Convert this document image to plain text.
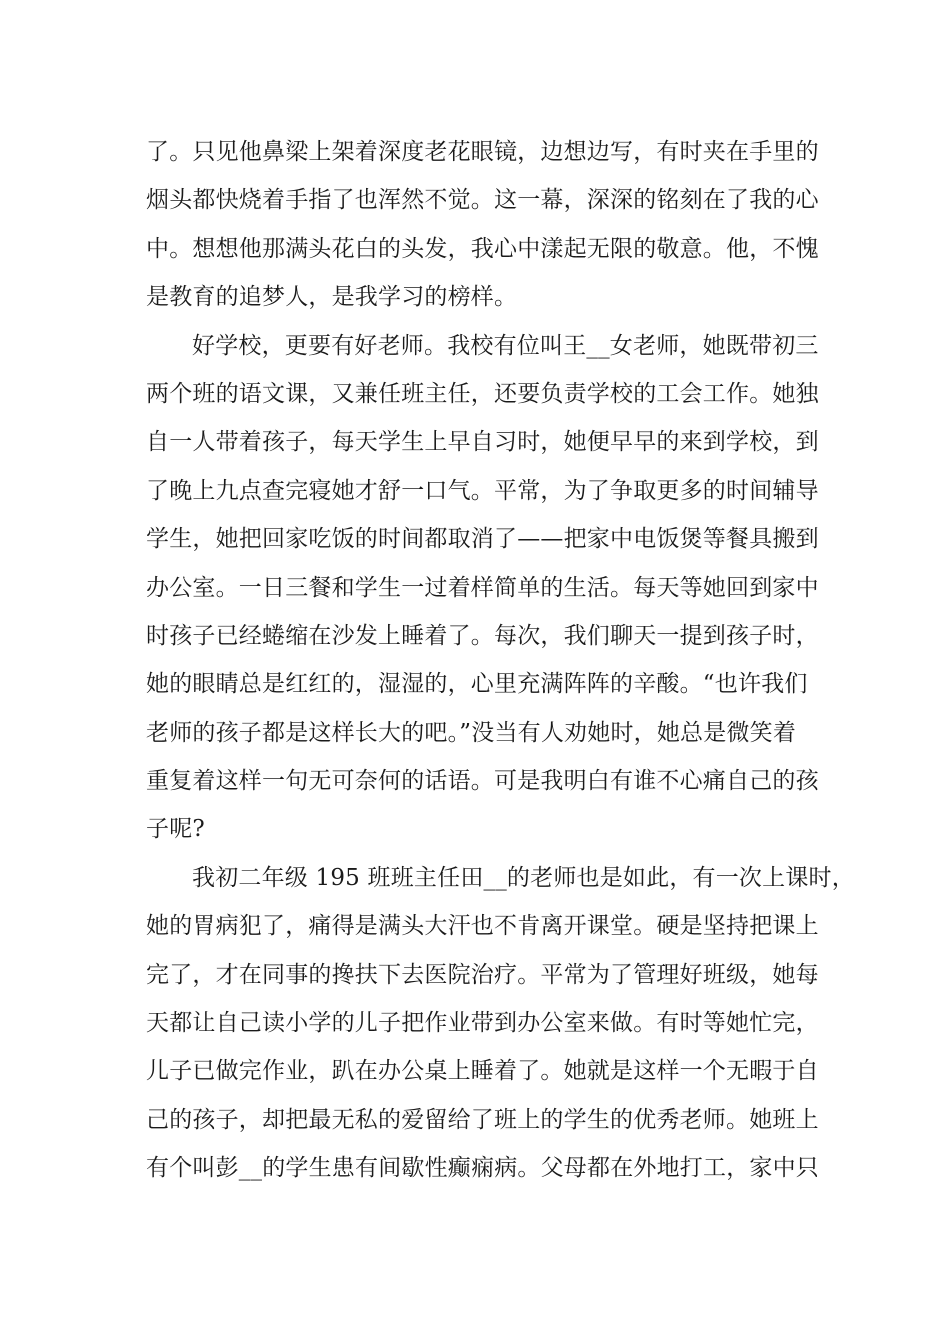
了。只见他鼻梁上架着深度老花眼镜，边想边写，有时夹在手里的
烟头都快烧着手指了也浑然不觉。这一幕，深深的铭刻在了我的心
中。想想他那满头花白的头发，我心中漾起无限的敬意。他，不愧
是教育的追梦人，是我学习的榜样。
好学校，更要有好老师。我校有位叫王__女老师，她既带初三
两个班的语文课，又兼任班主任，还要负责学校的工会工作。她独
自一人带着孩子，每天学生上早自习时，她便早早的来到学校，到
了晚上九点查完寝她才舒一口气。平常，为了争取更多的时间辅导
学生，她把回家吃饭的时间都取消了——把家中电饭煲等餐具搬到
办公室。一日三餐和学生一过着样简单的生活。每天等她回到家中
时孩子已经蜷缩在沙发上睡着了。每次，我们聊天一提到孩子时，
她的眼睛总是红红的，湿湿的，心里充满阵阵的辛酸。“也许我们
老师的孩子都是这样长大的吧。”没当有人劝她时，她总是微笑着
重复着这样一句无可奈何的话语。可是我明白有谁不心痛自己的孩
子呢?
我初二年级 195 班班主任田__的老师也是如此，有一次上课时，
她的胃病犯了，痛得是满头大汗也不肯离开课堂。硬是坚持把课上
完了，才在同事的搀扶下去医院治疗。平常为了管理好班级，她每
天都让自己读小学的儿子把作业带到办公室来做。有时等她忙完，
儿子已做完作业，趴在办公桌上睡着了。她就是这样一个无暇于自
己的孩子，却把最无私的爱留给了班上的学生的优秀老师。她班上
有个叫彭__的学生患有间歇性癫痫病。父母都在外地打工，家中只
